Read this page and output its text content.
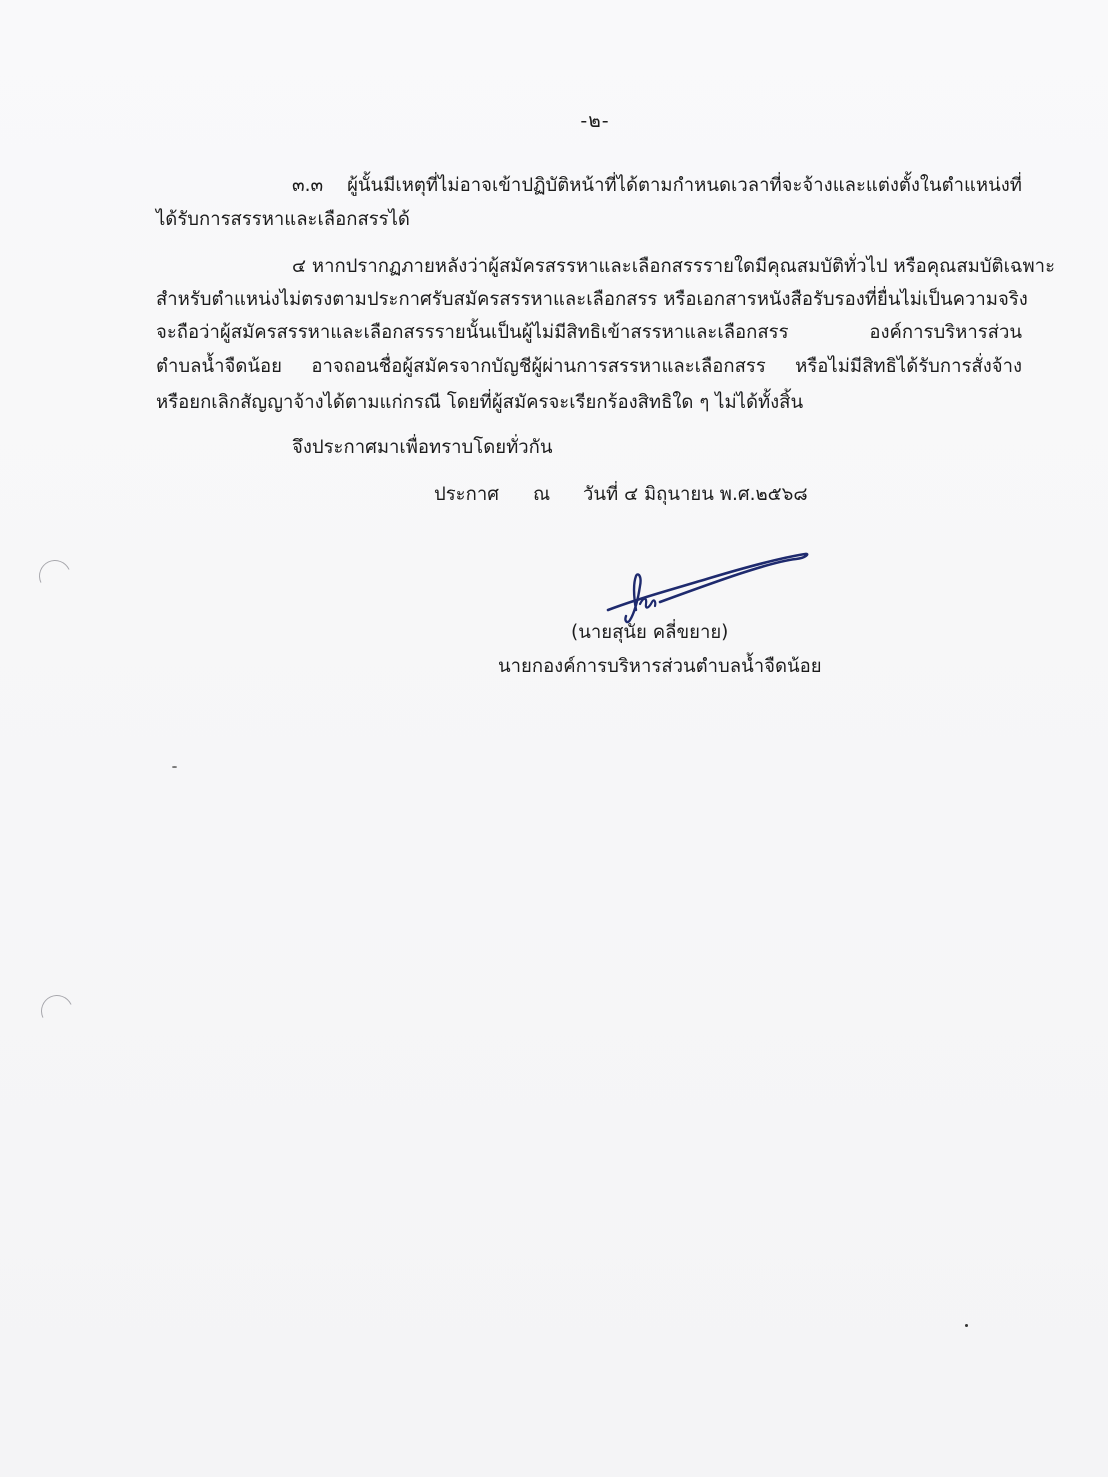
-๒-
๓.๓ ผู้นั้นมีเหตุที่ไม่อาจเข้าปฏิบัติหน้าที่ได้ตามกำหนดเวลาที่จะจ้างและแต่งตั้งในตำแหน่งที่
ได้รับการสรรหาและเลือกสรรได้
๔ หากปรากฏภายหลังว่าผู้สมัครสรรหาและเลือกสรรรายใดมีคุณสมบัติทั่วไป หรือคุณสมบัติเฉพาะ
สำหรับตำแหน่งไม่ตรงตามประกาศรับสมัครสรรหาและเลือกสรร หรือเอกสารหนังสือรับรองที่ยื่นไม่เป็นความจริง
จะถือว่าผู้สมัครสรรหาและเลือกสรรรายนั้นเป็นผู้ไม่มีสิทธิเข้าสรรหาและเลือกสรร องค์การบริหารส่วน
ตำบลน้ำจืดน้อย อาจถอนชื่อผู้สมัครจากบัญชีผู้ผ่านการสรรหาและเลือกสรร หรือไม่มีสิทธิได้รับการสั่งจ้าง
หรือยกเลิกสัญญาจ้างได้ตามแก่กรณี โดยที่ผู้สมัครจะเรียกร้องสิทธิใด ๆ ไม่ได้ทั้งสิ้น
จึงประกาศมาเพื่อทราบโดยทั่วกัน
ประกาศ ณ วันที่ ๔ มิถุนายน พ.ศ.๒๕๖๘
(นายสุนัย คลี่ขยาย)
นายกองค์การบริหารส่วนตำบลน้ำจืดน้อย
